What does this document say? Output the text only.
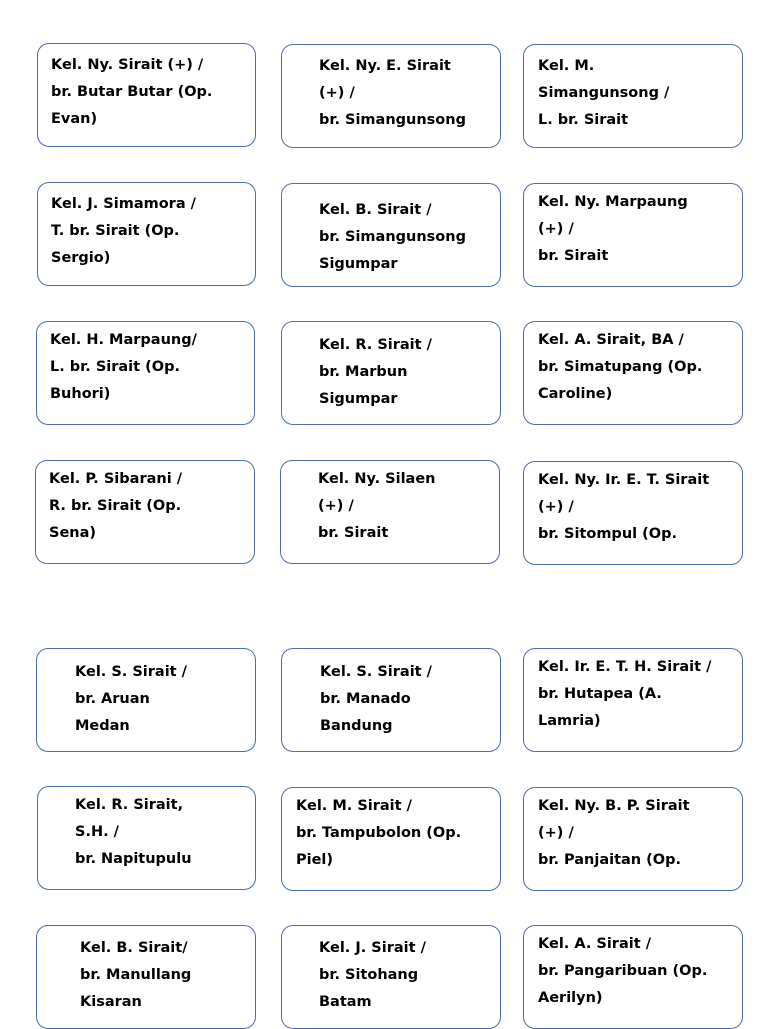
Kel. Ny. Sirait (+) /
br. Butar Butar (Op.
Evan)
Kel. Ny. E. Sirait
(+) /
br. Simangunsong
Kel. M.
Simangunsong /
L. br. Sirait
Kel. J. Simamora /
T. br. Sirait (Op.
Sergio)
Kel. B. Sirait /
br. Simangunsong
Sigumpar
Kel. Ny. Marpaung
(+) /
br. Sirait
Kel. H. Marpaung/
L. br. Sirait (Op.
Buhori)
Kel. R. Sirait /
br. Marbun
Sigumpar
Kel. A. Sirait, BA /
br. Simatupang (Op.
Caroline)
Kel. P. Sibarani /
R. br. Sirait (Op.
Sena)
Kel. Ny. Silaen
(+) /
br. Sirait
Kel. Ny. Ir. E. T. Sirait
(+) /
br. Sitompul (Op.
Kel. S. Sirait /
br. Aruan
Medan
Kel. S. Sirait /
br. Manado
Bandung
Kel. Ir. E. T. H. Sirait /
br. Hutapea (A.
Lamria)
Kel. R. Sirait,
S.H. /
br. Napitupulu
Kel. M. Sirait /
br. Tampubolon (Op.
Piel)
Kel. Ny. B. P. Sirait
(+) /
br. Panjaitan (Op.
Kel. B. Sirait/
br. Manullang
Kisaran
Kel. J. Sirait /
br. Sitohang
Batam
Kel. A. Sirait /
br. Pangaribuan (Op.
Aerilyn)
